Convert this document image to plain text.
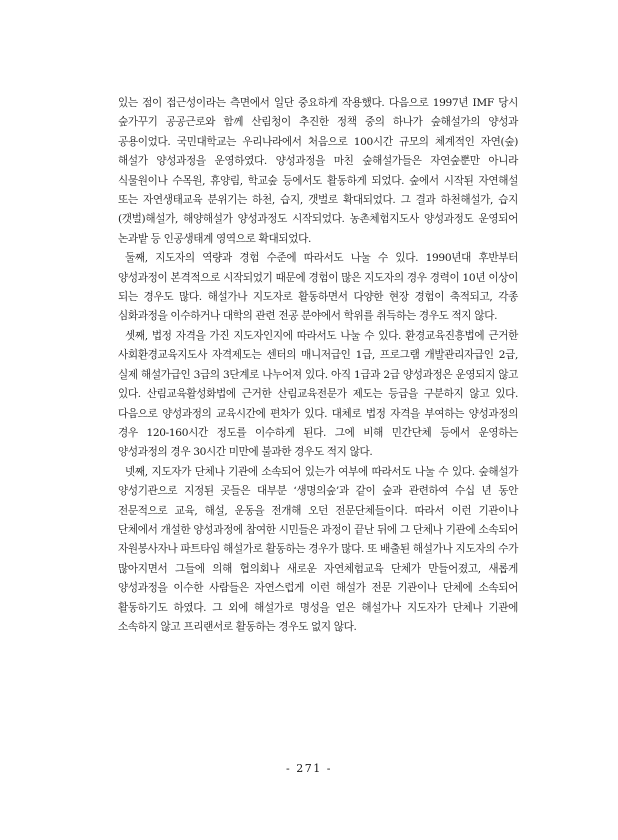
있는 점이 접근성이라는 측면에서 일단 중요하게 작용했다. 다음으로 1997년 IMF 당시 숲가꾸기 공공근로와 함께 산림청이 추진한 정책 중의 하나가 숲해설가의 양성과 공용이었다. 국민대학교는 우리나라에서 처음으로 100시간 규모의 체계적인 자연(숲)해설가 양성과정을 운영하였다. 양성과정을 마친 숲해설가들은 자연숲뿐만 아니라 식물원이나 수목원, 휴양림, 학교숲 등에서도 활동하게 되었다. 숲에서 시작된 자연해설 또는 자연생태교육 분위기는 하천, 습지, 갯벌로 확대되었다. 그 결과 하천해설가, 습지(갯벌)해설가, 해양해설가 양성과정도 시작되었다. 농촌체험지도사 양성과정도 운영되어 논과밭 등 인공생태계 영역으로 확대되었다.

둘째, 지도자의 역량과 경험 수준에 따라서도 나눌 수 있다. 1990년대 후반부터 양성과정이 본격적으로 시작되었기 때문에 경험이 많은 지도자의 경우 경력이 10년 이상이 되는 경우도 많다. 해설가나 지도자로 활동하면서 다양한 현장 경험이 축적되고, 각종 심화과정을 이수하거나 대학의 관련 전공 분야에서 학위를 취득하는 경우도 적지 않다.

셋째, 법정 자격을 가진 지도자인지에 따라서도 나눌 수 있다. 환경교육진흥법에 근거한 사회환경교육지도사 자격제도는 센터의 매니저급인 1급, 프로그램 개발관리자급인 2급, 실제 해설가급인 3급의 3단계로 나누어져 있다. 아직 1급과 2급 양성과정은 운영되지 않고 있다. 산림교육활성화법에 근거한 산림교육전문가 제도는 등급을 구분하지 않고 있다. 다음으로 양성과정의 교육시간에 편차가 있다. 대체로 법정 자격을 부여하는 양성과정의 경우 120-160시간 정도를 이수하게 된다. 그에 비해 민간단체 등에서 운영하는 양성과정의 경우 30시간 미만에 불과한 경우도 적지 않다.

넷째, 지도자가 단체나 기관에 소속되어 있는가 여부에 따라서도 나눌 수 있다. 숲해설가 양성기관으로 지정된 곳들은 대부분 ‘생명의숲’과 같이 숲과 관련하여 수십 년 동안 전문적으로 교육, 해설, 운동을 전개해 오던 전문단체들이다. 따라서 이런 기관이나 단체에서 개설한 양성과정에 참여한 시민들은 과정이 끝난 뒤에 그 단체나 기관에 소속되어 자원봉사자나 파트타임 해설가로 활동하는 경우가 많다. 또 배출된 해설가나 지도자의 수가 많아지면서 그들에 의해 협의회나 새로운 자연체험교육 단체가 만들어졌고, 새롭게 양성과정을 이수한 사람들은 자연스럽게 이런 해설가 전문 기관이나 단체에 소속되어 활동하기도 하였다. 그 외에 해설가로 명성을 얻은 해설가나 지도자가 단체나 기관에 소속하지 않고 프리랜서로 활동하는 경우도 없지 않다.

- 271 -
